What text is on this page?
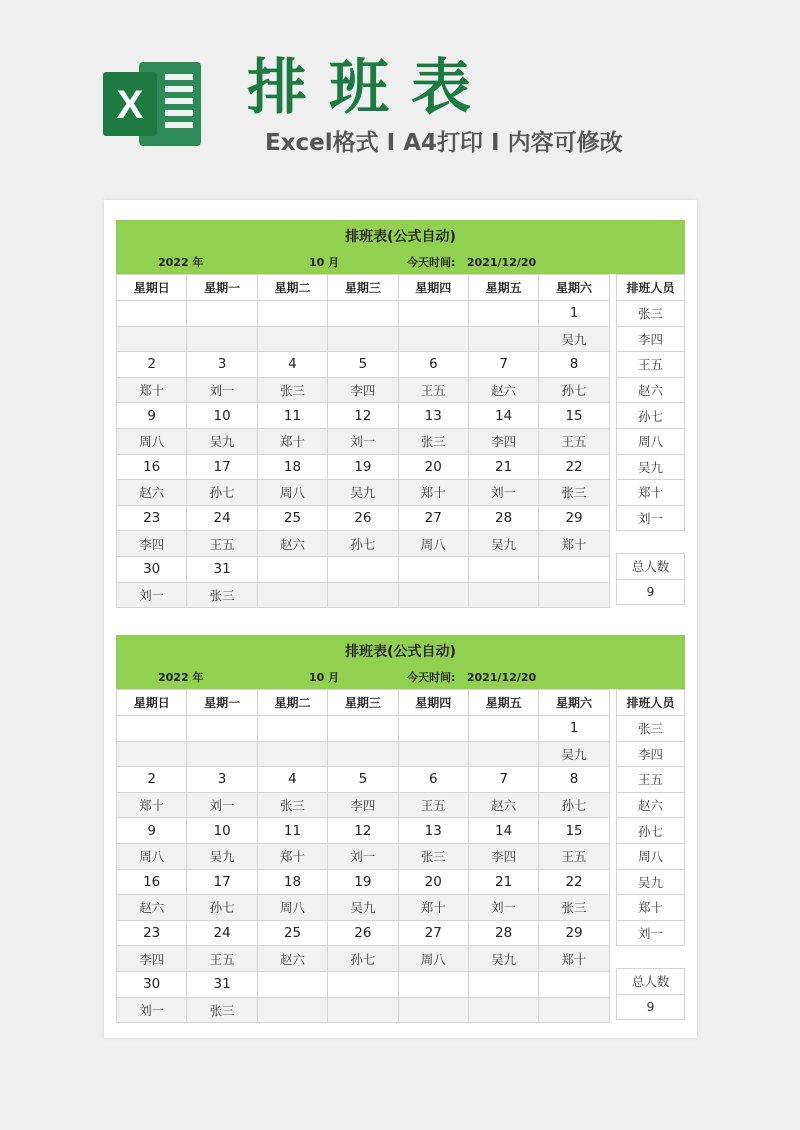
X 排班表

Excel格式 I A4打印 I 内容可修改

排班表(公式自动)
2022 年	10 月	今天时间: 2021/12/20
星期日	星期一	星期二	星期三	星期四	星期五	星期六
						1
						吴九
2	3	4	5	6	7	8
郑十	刘一	张三	李四	王五	赵六	孙七
9	10	11	12	13	14	15
周八	吴九	郑十	刘一	张三	李四	王五
16	17	18	19	20	21	22
赵六	孙七	周八	吴九	郑十	刘一	张三
23	24	25	26	27	28	29
李四	王五	赵六	孙七	周八	吴九	郑十
30	31					
刘一	张三					
排班人员
张三
李四
王五
赵六
孙七
周八
吴九
郑十
刘一
总人数
9
排班表(公式自动)
2022 年	10 月	今天时间: 2021/12/20
星期日	星期一	星期二	星期三	星期四	星期五	星期六
						1
						吴九
2	3	4	5	6	7	8
郑十	刘一	张三	李四	王五	赵六	孙七
9	10	11	12	13	14	15
周八	吴九	郑十	刘一	张三	李四	王五
16	17	18	19	20	21	22
赵六	孙七	周八	吴九	郑十	刘一	张三
23	24	25	26	27	28	29
李四	王五	赵六	孙七	周八	吴九	郑十
30	31					
刘一	张三					
排班人员
张三
李四
王五
赵六
孙七
周八
吴九
郑十
刘一
总人数
9
